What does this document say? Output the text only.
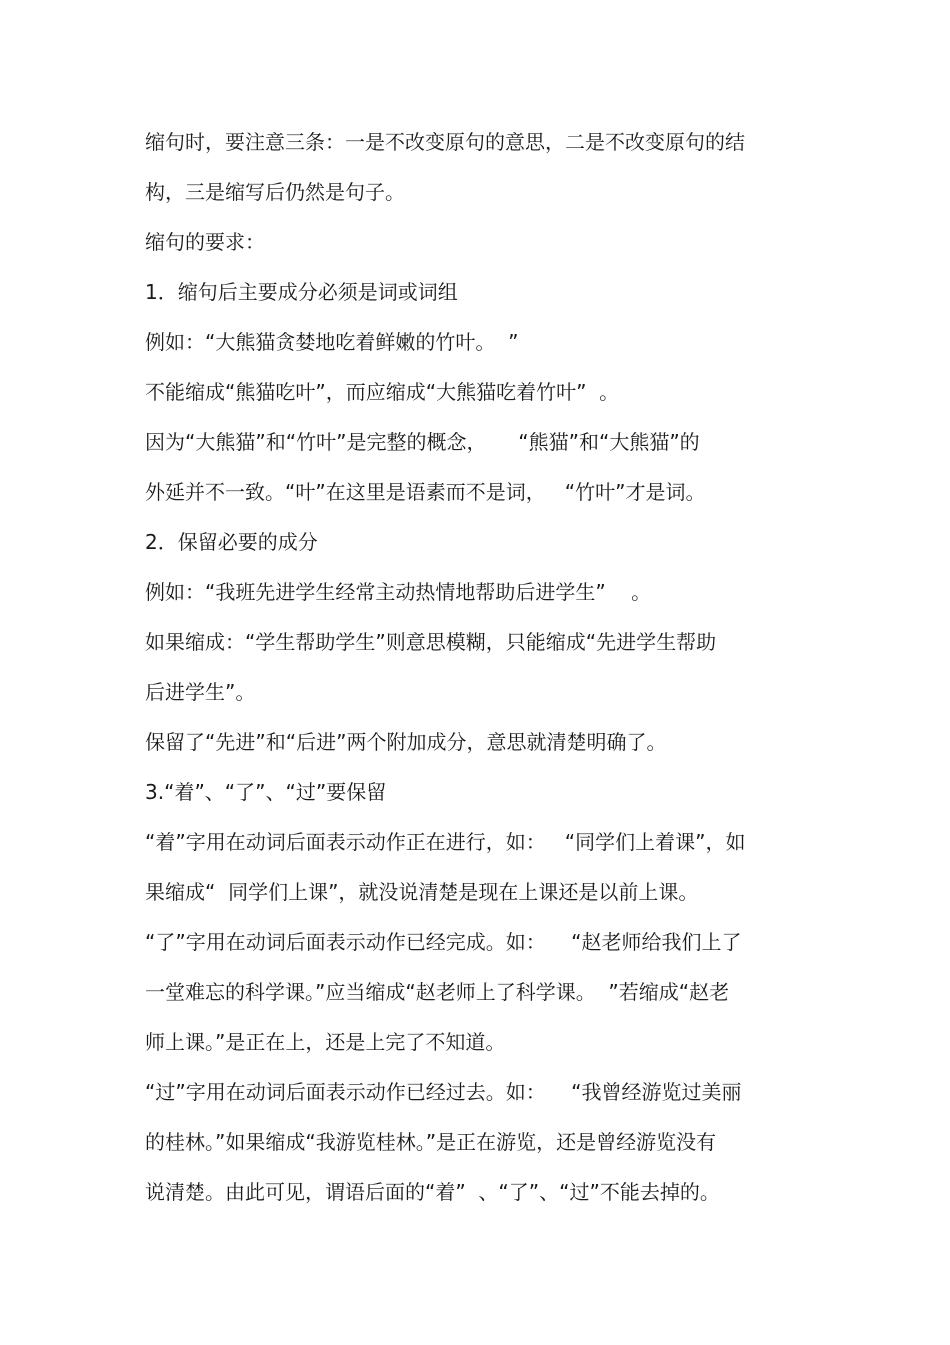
缩句时，要注意三条：一是不改变原句的意思，二是不改变原句的结
构，三是缩写后仍然是句子。
缩句的要求：
1．缩句后主要成分必须是词或词组
例如：“大熊猫贪婪地吃着鲜嫩的竹叶。  ”
不能缩成“熊猫吃叶”，而应缩成“大熊猫吃着竹叶”  。
因为“大熊猫”和“竹叶”是完整的概念，     “熊猫”和“大熊猫”的
外延并不一致。“叶”在这里是语素而不是词，   “竹叶”才是词。
2．保留必要的成分
例如：“我班先进学生经常主动热情地帮助后进学生”    。
如果缩成：“学生帮助学生”则意思模糊，只能缩成“先进学生帮助
后进学生”。
保留了“先进”和“后进”两个附加成分，意思就清楚明确了。
3.“着”、“了”、“过”要保留
“着”字用在动词后面表示动作正在进行，如：   “同学们上着课”，如
果缩成“  同学们上课”，就没说清楚是现在上课还是以前上课。
“了”字用在动词后面表示动作已经完成。如：    “赵老师给我们上了
一堂难忘的科学课。”应当缩成“赵老师上了科学课。  ”若缩成“赵老
师上课。”是正在上，还是上完了不知道。
“过”字用在动词后面表示动作已经过去。如：    “我曾经游览过美丽
的桂林。”如果缩成“我游览桂林。”是正在游览，还是曾经游览没有
说清楚。由此可见，谓语后面的“着”  、“了”、“过”不能去掉的。
